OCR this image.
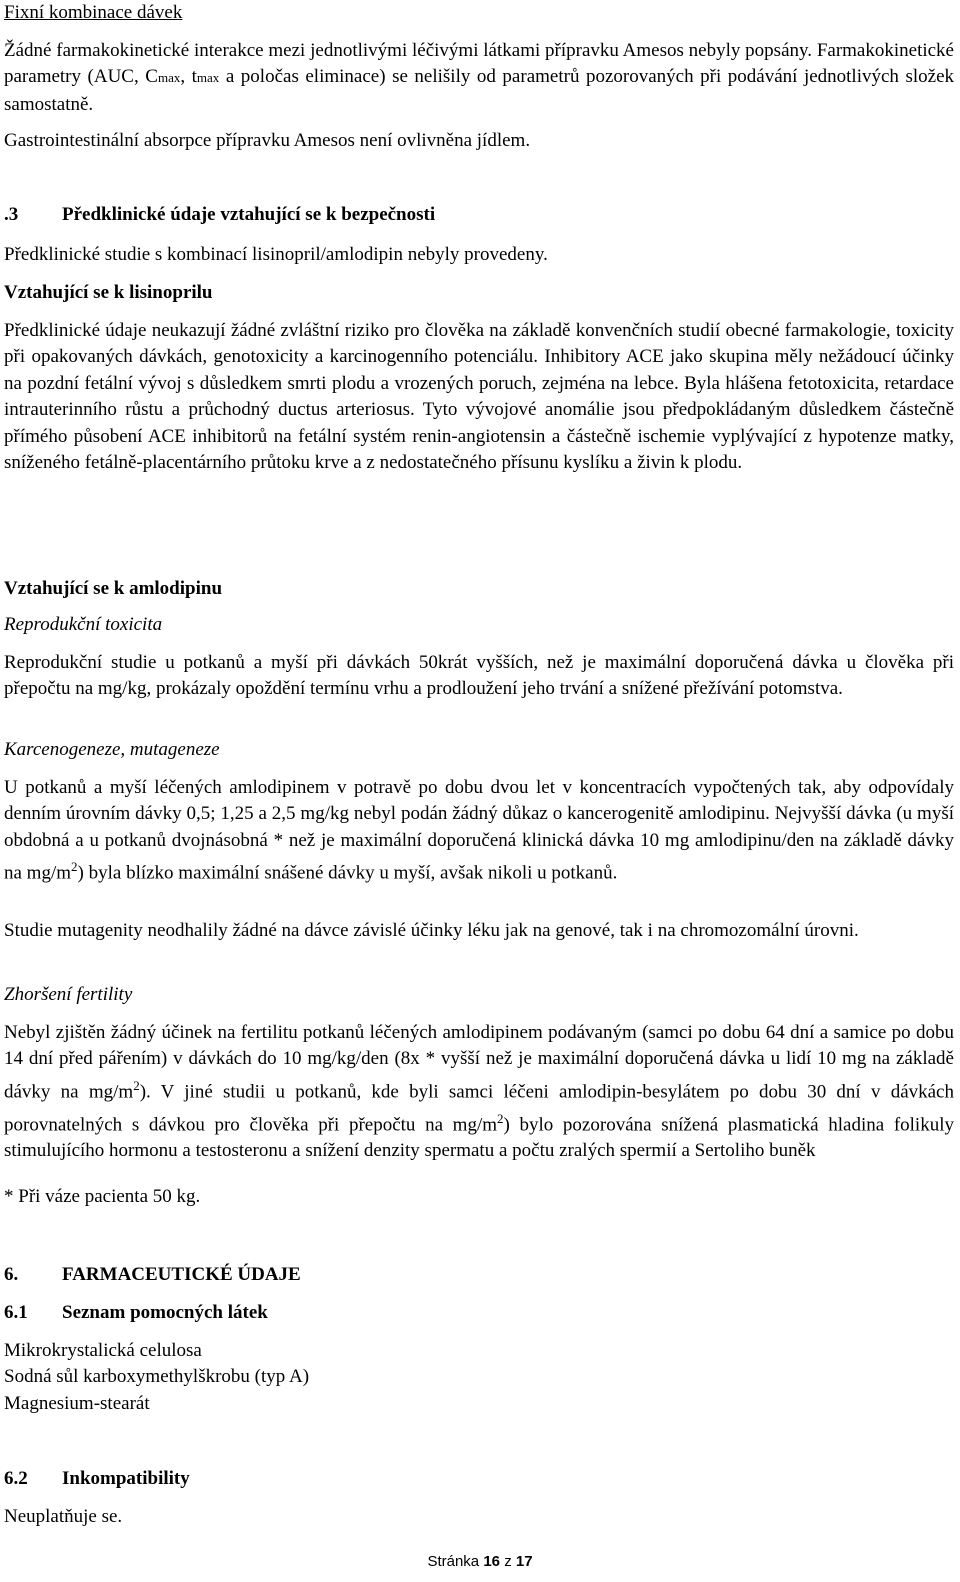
Fixní kombinace dávek

Žádné farmakokinetické interakce mezi jednotlivými léčivými látkami přípravku Amesos nebyly popsány. Farmakokinetické parametry (AUC, Cmax, tmax a poločas eliminace) se nelišily od parametrů pozorovaných při podávání jednotlivých složek samostatně.

Gastrointestinální absorpce přípravku Amesos není ovlivněna jídlem.

.3 Předklinické údaje vztahující se k bezpečnosti

Předklinické studie s kombinací lisinopril/amlodipin nebyly provedeny.

Vztahující se k lisinoprilu

Předklinické údaje neukazují žádné zvláštní riziko pro člověka na základě konvenčních studií obecné farmakologie, toxicity při opakovaných dávkách, genotoxicity a karcinogenního potenciálu. Inhibitory ACE jako skupina měly nežádoucí účinky na pozdní fetální vývoj s důsledkem smrti plodu a vrozených poruch, zejména na lebce. Byla hlášena fetotoxicita, retardace intrauterinního růstu a průchodný ductus arteriosus. Tyto vývojové anomálie jsou předpokládaným důsledkem částečně přímého působení ACE inhibitorů na fetální systém renin-angiotensin a částečně ischemie vyplývající z hypotenze matky, sníženého fetálně-placentárního průtoku krve a z nedostatečného přísunu kyslíku a živin k plodu.

Vztahující se k amlodipinu
Reprodukční toxicita

Reprodukční studie u potkanů a myší při dávkách 50krát vyšších, než je maximální doporučená dávka u člověka při přepočtu na mg/kg, prokázaly opoždění termínu vrhu a prodloužení jeho trvání a snížené přežívání potomstva.

Karcenogeneze, mutageneze

U potkanů a myší léčených amlodipinem v potravě po dobu dvou let v koncentracích vypočtených tak, aby odpovídaly denním úrovním dávky 0,5; 1,25 a 2,5 mg/kg nebyl podán žádný důkaz o kancerogenitě amlodipinu. Nejvyšší dávka (u myší obdobná a u potkanů dvojnásobná * než je maximální doporučená klinická dávka 10 mg amlodipinu/den na základě dávky na $mg/m^2$) byla blízko maximální snášené dávky u myší, avšak nikoli u potkanů.

Studie mutagenity neodhalily žádné na dávce závislé účinky léku jak na genové, tak i na chromozomální úrovni.

Zhoršení fertility

Nebyl zjištěn žádný účinek na fertilitu potkanů léčených amlodipinem podávaným (samci po dobu 64 dní a samice po dobu 14 dní před pářením) v dávkách do 10 mg/kg/den (8x * vyšší než je maximální doporučená dávka u lidí 10 mg na základě dávky na $mg/m^2$). V jiné studii u potkanů, kde byli samci léčeni amlodipin-besylátem po dobu 30 dní v dávkách porovnatelných s dávkou pro člověka při přepočtu na $mg/m^2$) bylo pozorována snížená plasmatická hladina folikuly stimulujícího hormonu a testosteronu a snížení denzity spermatu a počtu zralých spermií a Sertoliho buněk

* Při váze pacienta 50 kg.

6. FARMACEUTICKÉ ÚDAJE
6.1 Seznam pomocných látek
Mikrokrystalická celulosa
Sodná sůl karboxymethylškrobu (typ A)
Magnesium-stearát
6.2 Inkompatibility
Neuplatňuje se.
Stránka 16 z 17
